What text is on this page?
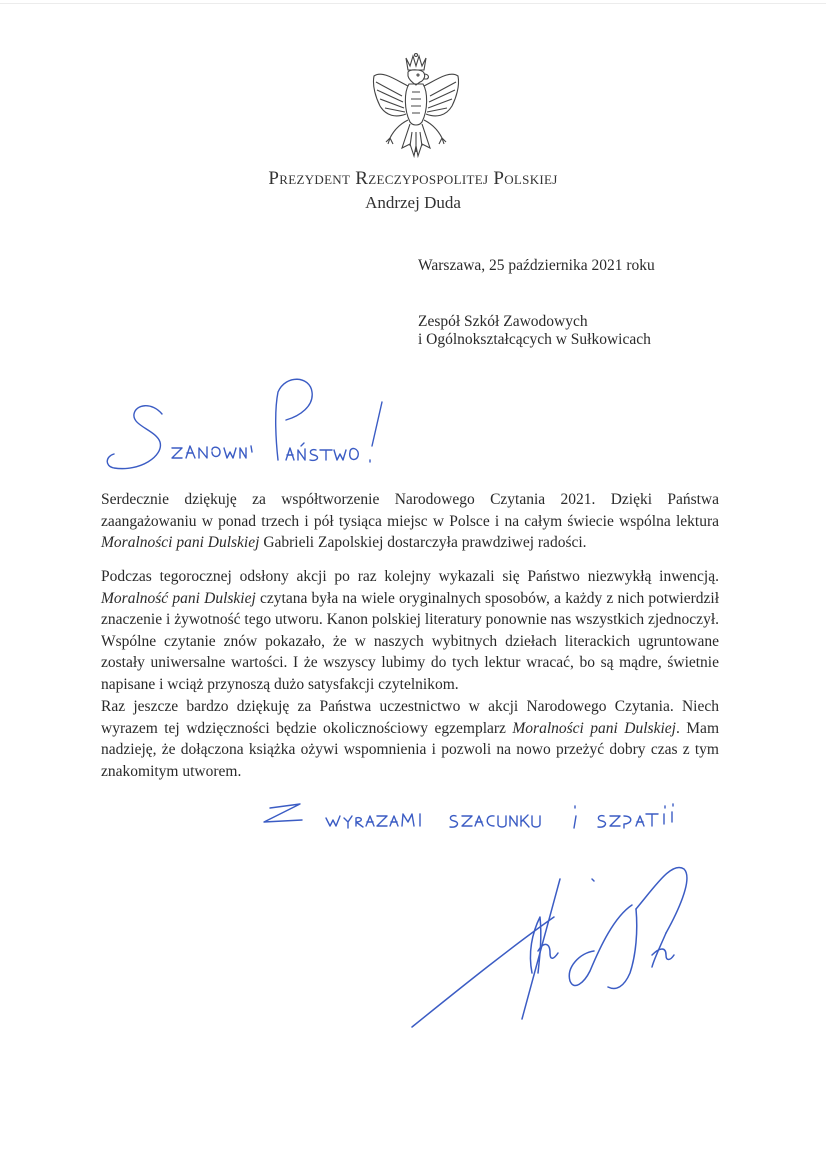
Prezydent Rzeczypospolitej Polskiej
Andrzej Duda
Warszawa, 25 października 2021 roku
Zespół Szkół Zawodowych
i Ogólnokształcących w Sułkowicach

Serdecznie dziękuję za współtworzenie Narodowego Czytania 2021. Dzięki Państwa zaangażowaniu w ponad trzech i pół tysiąca miejsc w Polsce i na całym świecie wspólna lektura Moralności pani Dulskiej Gabrieli Zapolskiej dostarczyła prawdziwej radości.

Podczas tegorocznej odsłony akcji po raz kolejny wykazali się Państwo niezwykłą inwencją. Moralność pani Dulskiej czytana była na wiele oryginalnych sposobów, a każdy z nich potwierdził znaczenie i żywotność tego utworu. Kanon polskiej literatury ponownie nas wszystkich zjednoczył. Wspólne czytanie znów pokazało, że w naszych wybitnych dziełach literackich ugruntowane zostały uniwersalne wartości. I że wszyscy lubimy do tych lektur wracać, bo są mądre, świetnie napisane i wciąż przynoszą dużo satysfakcji czytelnikom.

Raz jeszcze bardzo dziękuję za Państwa uczestnictwo w akcji Narodowego Czytania. Niech wyrazem tej wdzięczności będzie okolicznościowy egzemplarz Moralności pani Dulskiej. Mam nadzieję, że dołączona książka ożywi wspomnienia i pozwoli na nowo przeżyć dobry czas z tym znakomitym utworem.
